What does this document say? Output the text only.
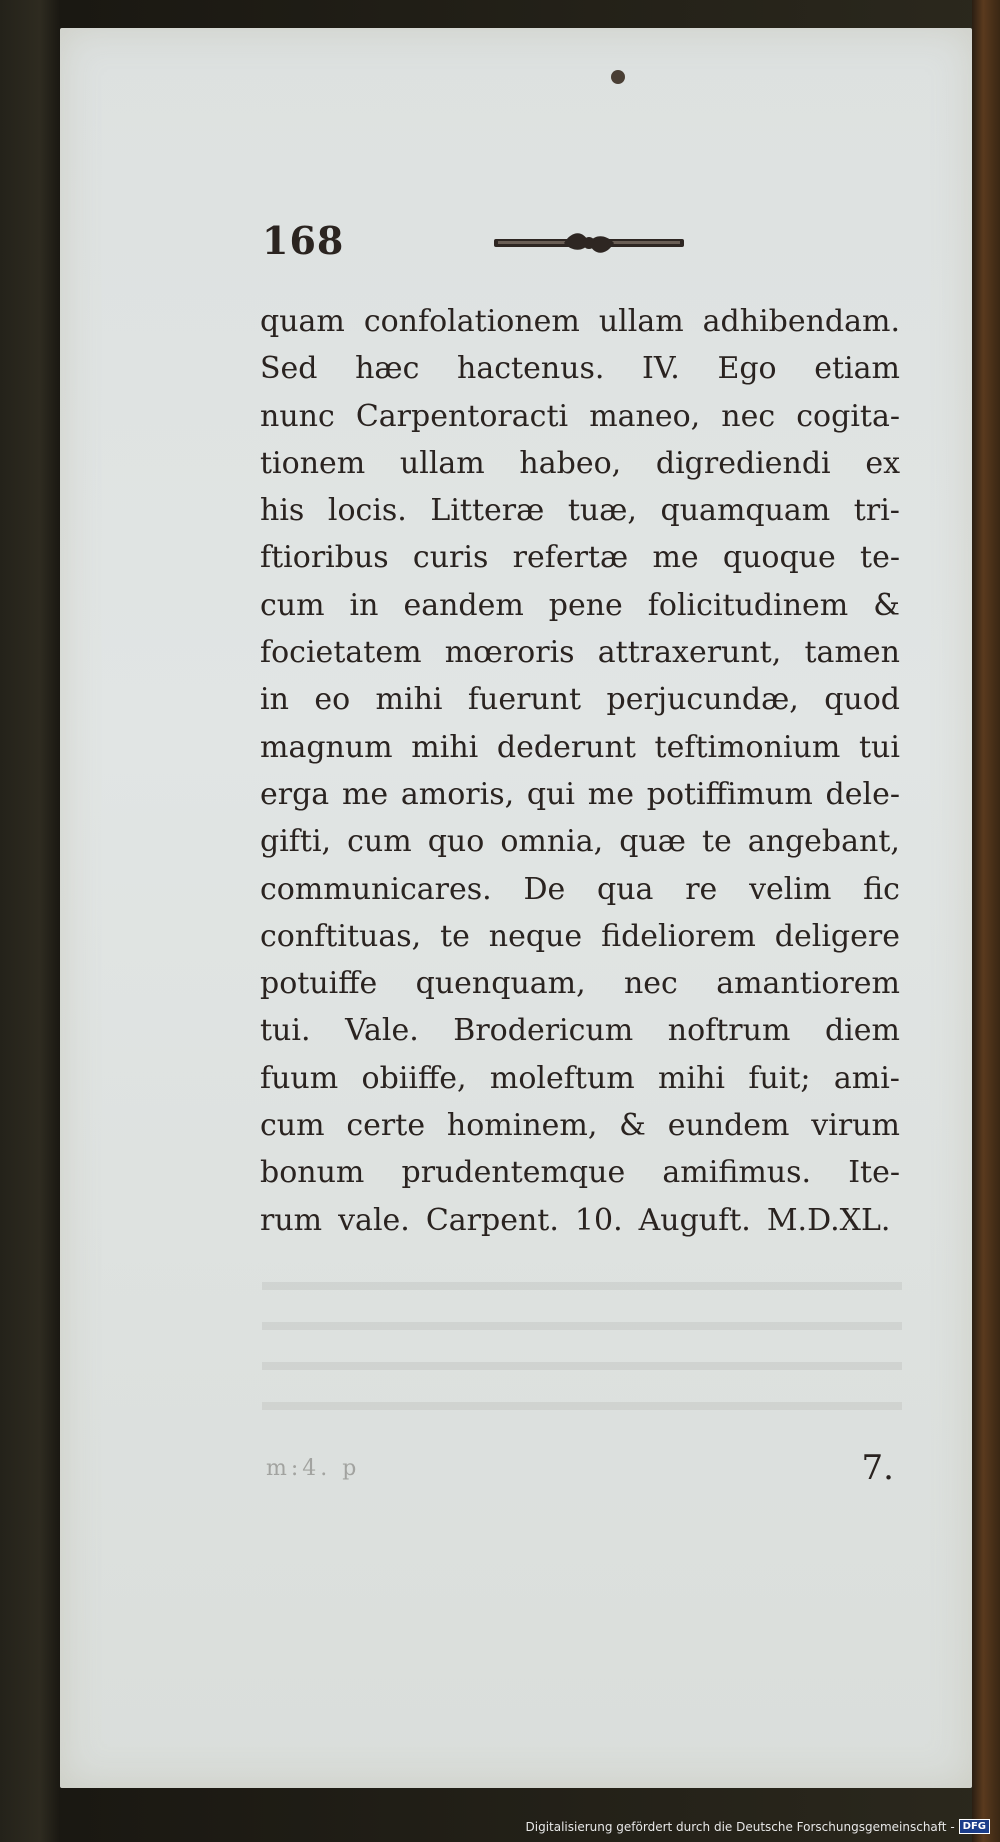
168
quam confolationem ullam adhibendam.
Sed hæc hactenus. IV. Ego etiam
nunc Carpentoracti maneo, nec cogita-
tionem ullam habeo, digrediendi ex
his locis. Litteræ tuæ, quamquam tri-
ftioribus curis refertæ me quoque te-
cum in eandem pene folicitudinem &
focietatem mœroris attraxerunt, tamen
in eo mihi fuerunt perjucundæ, quod
magnum mihi dederunt teftimonium tui
erga me amoris, qui me potiffimum dele-
gifti, cum quo omnia, quæ te angebant,
communicares. De qua re velim fic
conftituas, te neque fideliorem deligere
potuiffe quenquam, nec amantiorem
tui. Vale. Brodericum noftrum diem
fuum obiiffe, moleftum mihi fuit; ami-
cum certe hominem, & eundem virum
bonum prudentemque amifimus. Ite-
rum vale. Carpent. 10. Auguft. M.D.XL.
m:4. p	7.
Digitalisierung gefördert durch die Deutsche Forschungsgemeinschaft - DFG
